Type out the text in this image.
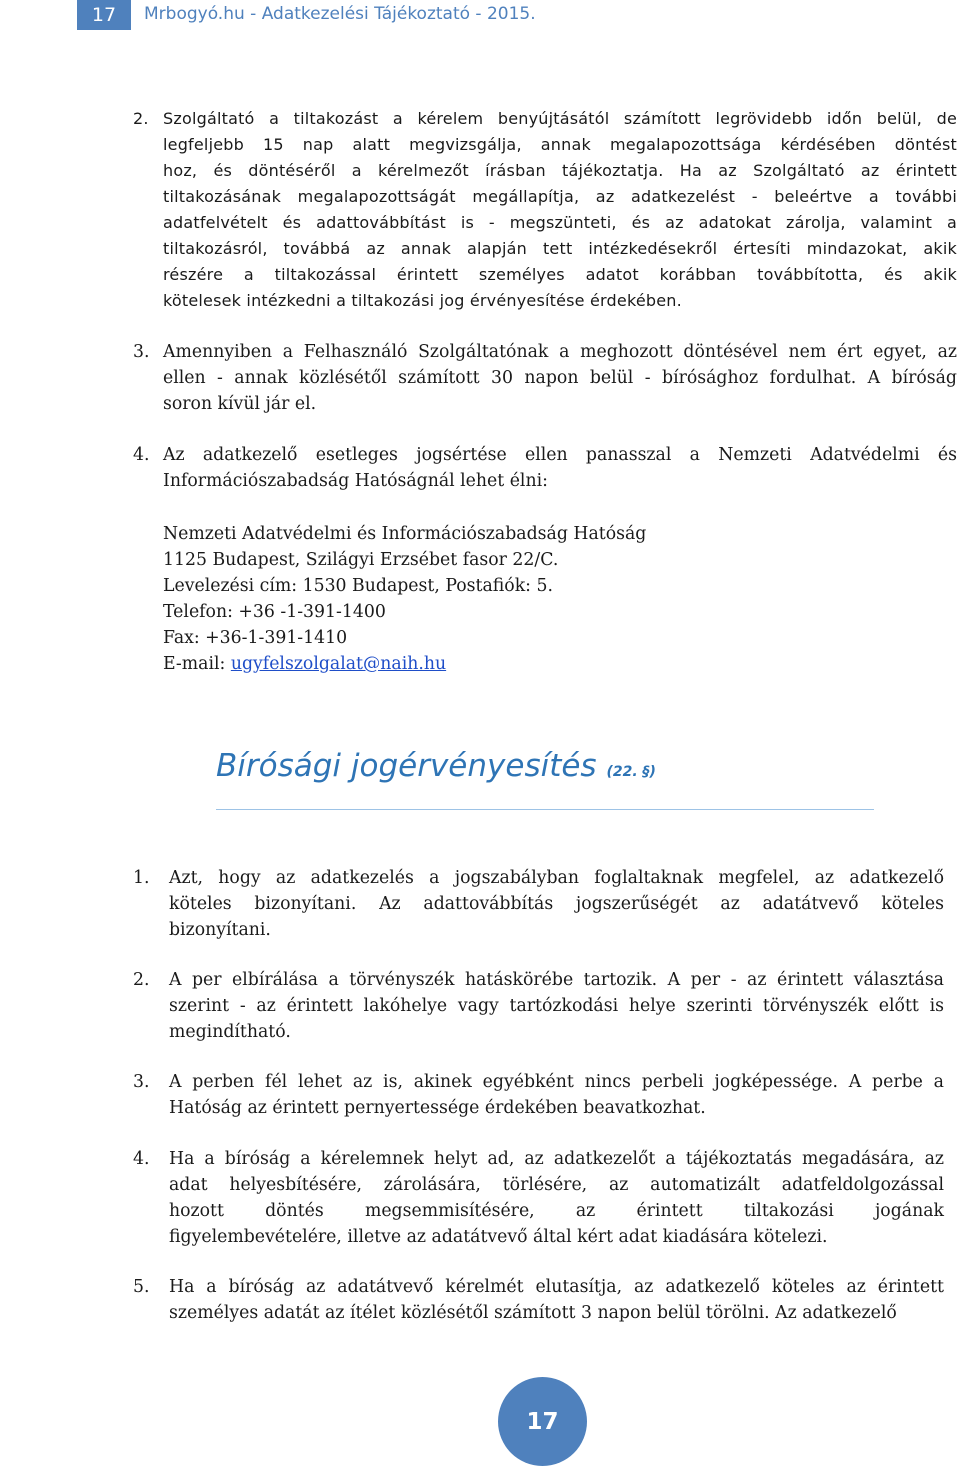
17	Mrbogyó.hu - Adatkezelési Tájékoztató - 2015.
2. Szolgáltató a tiltakozást a kérelem benyújtásától számított legrövidebb időn belül, de
legfeljebb 15 nap alatt megvizsgálja, annak megalapozottsága kérdésében döntést
hoz, és döntéséről a kérelmezőt írásban tájékoztatja. Ha az Szolgáltató az érintett
tiltakozásának megalapozottságát megállapítja, az adatkezelést - beleértve a további
adatfelvételt és adattovábbítást is - megszünteti, és az adatokat zárolja, valamint a
tiltakozásról, továbbá az annak alapján tett intézkedésekről értesíti mindazokat, akik
részére a tiltakozással érintett személyes adatot korábban továbbította, és akik
kötelesek intézkedni a tiltakozási jog érvényesítése érdekében.
3. Amennyiben a Felhasználó Szolgáltatónak a meghozott döntésével nem ért egyet, az
ellen - annak közlésétől számított 30 napon belül - bírósághoz fordulhat. A bíróság
soron kívül jár el.
4. Az adatkezelő esetleges jogsértése ellen panasszal a Nemzeti Adatvédelmi és
Információszabadság Hatóságnál lehet élni:
Nemzeti Adatvédelmi és Információszabadság Hatóság
1125 Budapest, Szilágyi Erzsébet fasor 22/C.
Levelezési cím: 1530 Budapest, Postafiók: 5.
Telefon: +36 -1-391-1400
Fax: +36-1-391-1410
E-mail: ugyfelszolgalat@naih.hu
Bírósági jogérvényesítés (22. §)
1. Azt, hogy az adatkezelés a jogszabályban foglaltaknak megfelel, az adatkezelő
köteles bizonyítani. Az adattovábbítás jogszerűségét az adatátvevő köteles
bizonyítani.
2. A per elbírálása a törvényszék hatáskörébe tartozik. A per - az érintett választása
szerint - az érintett lakóhelye vagy tartózkodási helye szerinti törvényszék előtt is
megindítható.
3. A perben fél lehet az is, akinek egyébként nincs perbeli jogképessége. A perbe a
Hatóság az érintett pernyertessége érdekében beavatkozhat.
4. Ha a bíróság a kérelemnek helyt ad, az adatkezelőt a tájékoztatás megadására, az
adat helyesbítésére, zárolására, törlésére, az automatizált adatfeldolgozással
hozott döntés megsemmisítésére, az érintett tiltakozási jogának
figyelembevételére, illetve az adatátvevő által kért adat kiadására kötelezi.
5. Ha a bíróság az adatátvevő kérelmét elutasítja, az adatkezelő köteles az érintett
személyes adatát az ítélet közlésétől számított 3 napon belül törölni. Az adatkezelő
17
